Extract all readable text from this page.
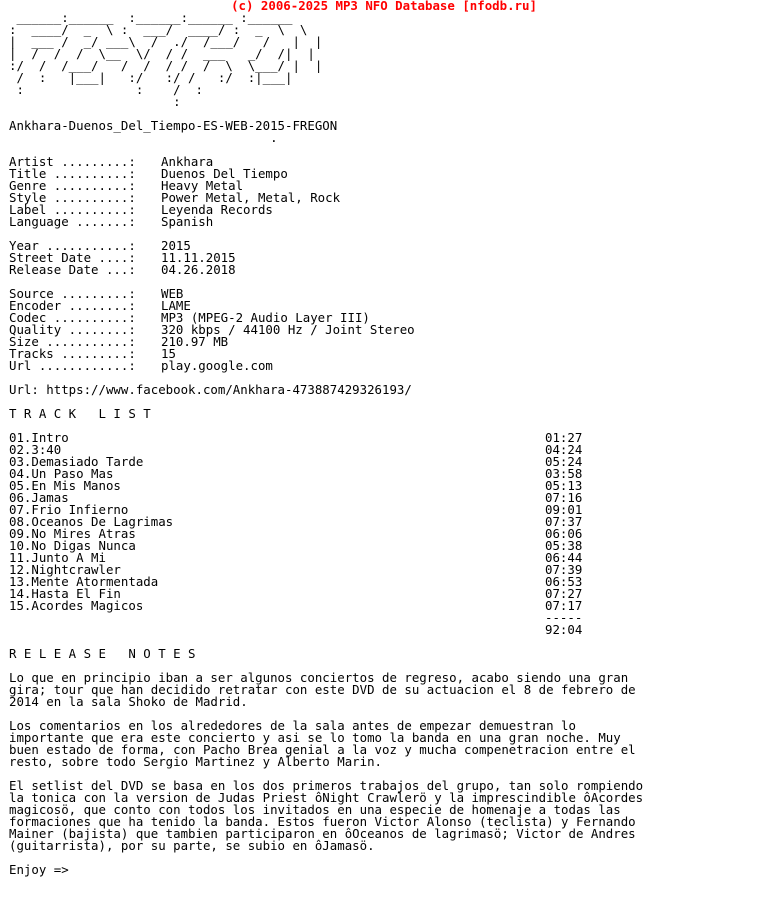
(c) 2006-2025 MP3 NFO Database [nfodb.ru]
______:______  :______:______ :______
:  ____/  _  \ :  ___/  ____/ :  _  \  \
|  ___ /  _/ ___\  /  ./  /___/   /   |  |
|  /  /  /  \__  \/  / /  ___   _/  /|  |
:/  /  /___/   /  /  / /  /  \  \___/ |  |
/  :   |___|   :/   :/ /   :/  :|___|
:               :    /  :
:
Ankhara-Duenos_Del_Tiempo-ES-WEB-2015-FREGON
.
Artist .........:	Ankhara
Title ..........:	Duenos Del Tiempo
Genre ..........:	Heavy Metal
Style ..........:	Power Metal, Metal, Rock
Label ..........:	Leyenda Records
Language .......:	Spanish
Year ...........:	2015
Street Date ....:	11.11.2015
Release Date ...:	04.26.2018
Source .........:	WEB
Encoder ........:	LAME
Codec ..........:	MP3 (MPEG-2 Audio Layer III)
Quality ........:	320 kbps / 44100 Hz / Joint Stereo
Size ...........:	210.97 MB
Tracks .........:	15
Url ............:	play.google.com
Url: https://www.facebook.com/Ankhara-473887429326193/
T R A C K   L I S T
01.Intro	01:27
02.3:40	04:24
03.Demasiado Tarde	05:24
04.Un Paso Mas	03:58
05.En Mis Manos	05:13
06.Jamas	07:16
07.Frio Infierno	09:01
08.Oceanos De Lagrimas	07:37
09.No Mires Atras	06:06
10.No Digas Nunca	05:38
11.Junto A Mi	06:44
12.Nightcrawler	07:39
13.Mente Atormentada	06:53
14.Hasta El Fin	07:27
15.Acordes Magicos	07:17
-----
92:04
R E L E A S E   N O T E S
Lo que en principio iban a ser algunos conciertos de regreso, acabo siendo una gran
gira; tour que han decidido retratar con este DVD de su actuacion el 8 de febrero de
2014 en la sala Shoko de Madrid.
Los comentarios en los alrededores de la sala antes de empezar demuestran lo
importante que era este concierto y asi se lo tomo la banda en una gran noche. Muy
buen estado de forma, con Pacho Brea genial a la voz y mucha compenetracion entre el
resto, sobre todo Sergio Martinez y Alberto Marin.
El setlist del DVD se basa en los dos primeros trabajos del grupo, tan solo rompiendo
la tonica con la version de Judas Priest ôNight Crawlerö y la imprescindible ôAcordes
magicosö, que conto con todos los invitados en una especie de homenaje a todas las
formaciones que ha tenido la banda. Estos fueron Victor Alonso (teclista) y Fernando
Mainer (bajista) que tambien participaron en ôOceanos de lagrimasö; Victor de Andres
(guitarrista), por su parte, se subio en ôJamasö.
Enjoy =>
